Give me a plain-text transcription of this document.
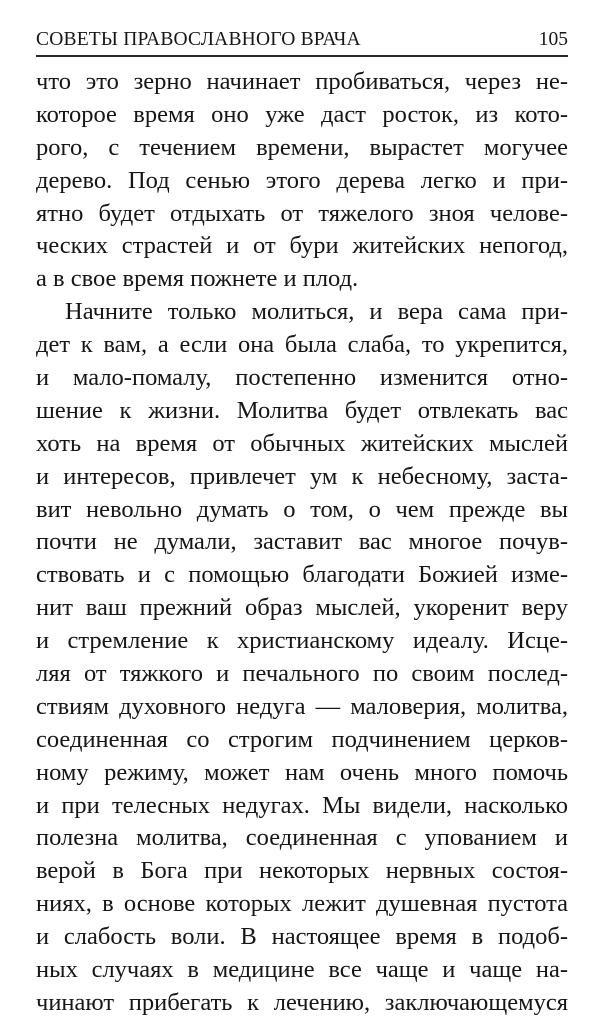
СОВЕТЫ ПРАВОСЛАВНОГО ВРАЧА	105
что это зерно начинает пробиваться, через не-
которое время оно уже даст росток, из кото-
рого, с течением времени, вырастет могучее
дерево. Под сенью этого дерева легко и при-
ятно будет отдыхать от тяжелого зноя челове-
ческих страстей и от бури житейских непогод,
а в свое время пожнете и плод.
Начните только молиться, и вера сама при-
дет к вам, а если она была слаба, то укрепится,
и мало-помалу, постепенно изменится отно-
шение к жизни. Молитва будет отвлекать вас
хоть на время от обычных житейских мыслей
и интересов, привлечет ум к небесному, заста-
вит невольно думать о том, о чем прежде вы
почти не думали, заставит вас многое почув-
ствовать и с помощью благодати Божией изме-
нит ваш прежний образ мыслей, укоренит веру
и стремление к христианскому идеалу. Исце-
ляя от тяжкого и печального по своим послед-
ствиям духовного недуга — маловерия, молитва,
соединенная со строгим подчинением церков-
ному режиму, может нам очень много помочь
и при телесных недугах. Мы видели, насколько
полезна молитва, соединенная с упованием и
верой в Бога при некоторых нервных состоя-
ниях, в основе которых лежит душевная пустота
и слабость воли. В настоящее время в подоб-
ных случаях в медицине все чаще и чаще на-
чинают прибегать к лечению, заключающемуся
